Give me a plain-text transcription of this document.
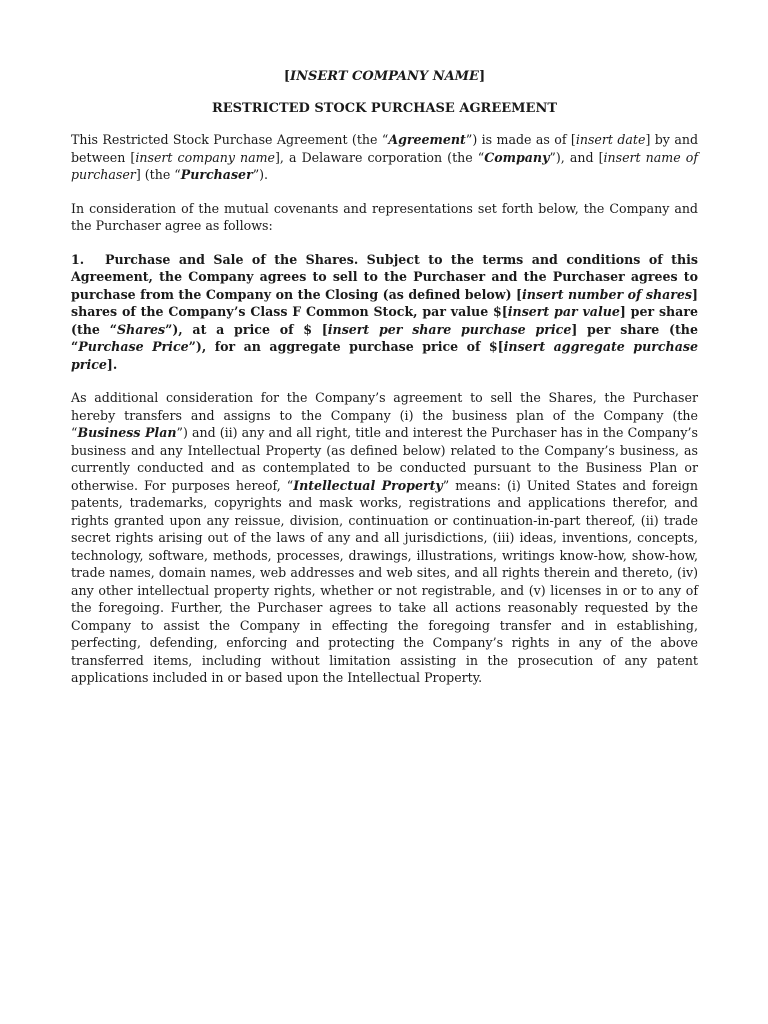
[INSERT COMPANY NAME]
RESTRICTED STOCK PURCHASE AGREEMENT

This Restricted Stock Purchase Agreement (the “Agreement”) is made as of [insert date] by and between [insert company name], a Delaware corporation (the “Company”), and [insert name of purchaser] (the “Purchaser”).

In consideration of the mutual covenants and representations set forth below, the Company and the Purchaser agree as follows:

1. Purchase and Sale of the Shares. Subject to the terms and conditions of this Agreement, the Company agrees to sell to the Purchaser and the Purchaser agrees to purchase from the Company on the Closing (as defined below) [insert number of shares] shares of the Company’s Class F Common Stock, par value $[insert par value] per share (the “Shares”), at a price of $ [insert per share purchase price] per share (the “Purchase Price”), for an aggregate purchase price of $[insert aggregate purchase price].

As additional consideration for the Company’s agreement to sell the Shares, the Purchaser hereby transfers and assigns to the Company (i) the business plan of the Company (the “Business Plan”) and (ii) any and all right, title and interest the Purchaser has in the Company’s business and any Intellectual Property (as defined below) related to the Company’s business, as currently conducted and as contemplated to be conducted pursuant to the Business Plan or otherwise. For purposes hereof, “Intellectual Property” means: (i) United States and foreign patents, trademarks, copyrights and mask works, registrations and applications therefor, and rights granted upon any reissue, division, continuation or continuation-in-part thereof, (ii) trade secret rights arising out of the laws of any and all jurisdictions, (iii) ideas, inventions, concepts, technology, software, methods, processes, drawings, illustrations, writings know-how, show-how, trade names, domain names, web addresses and web sites, and all rights therein and thereto, (iv) any other intellectual property rights, whether or not registrable, and (v) licenses in or to any of the foregoing. Further, the Purchaser agrees to take all actions reasonably requested by the Company to assist the Company in effecting the foregoing transfer and in establishing, perfecting, defending, enforcing and protecting the Company’s rights in any of the above transferred items, including without limitation assisting in the prosecution of any patent applications included in or based upon the Intellectual Property.
